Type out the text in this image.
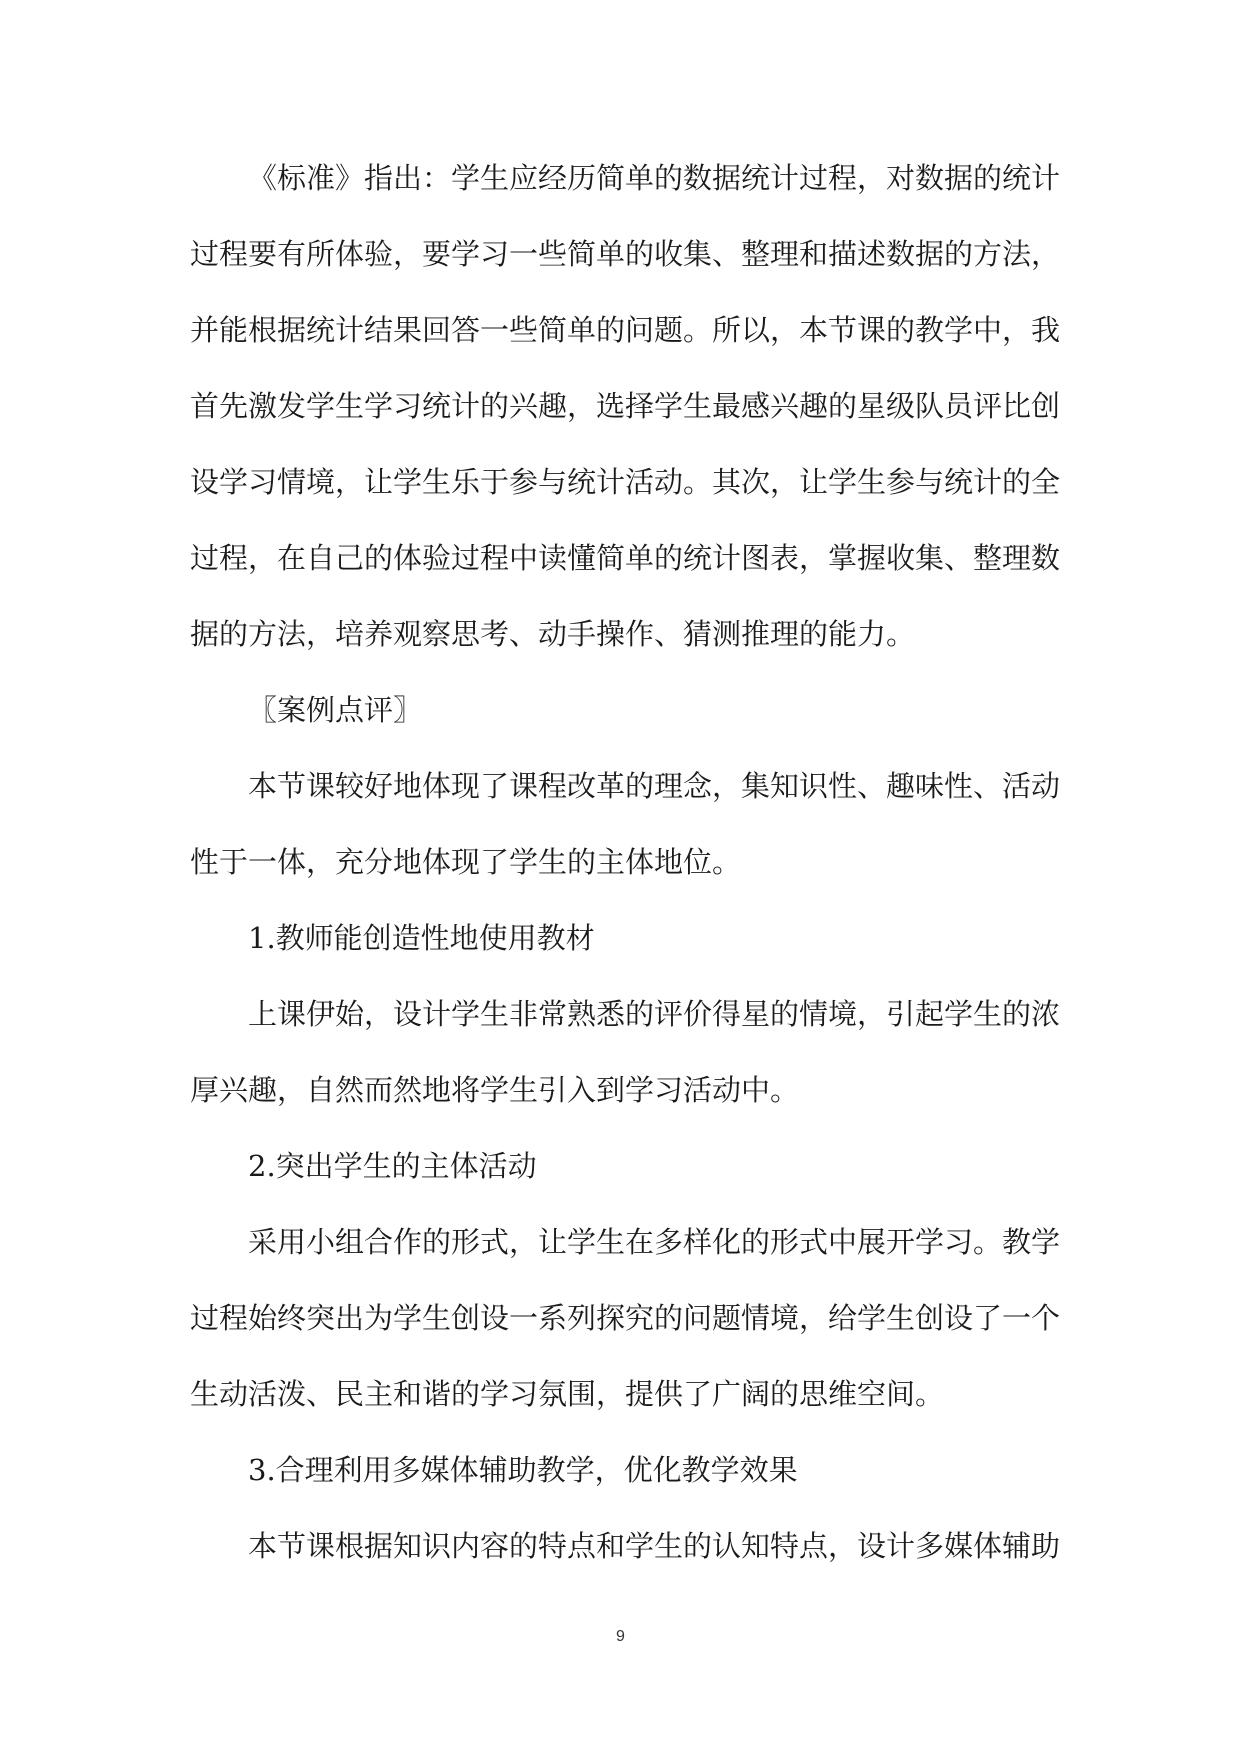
《标准》指出：学生应经历简单的数据统计过程，对数据的统计
过程要有所体验，要学习一些简单的收集、整理和描述数据的方法，
并能根据统计结果回答一些简单的问题。所以，本节课的教学中，我
首先激发学生学习统计的兴趣，选择学生最感兴趣的星级队员评比创
设学习情境，让学生乐于参与统计活动。其次，让学生参与统计的全
过程，在自己的体验过程中读懂简单的统计图表，掌握收集、整理数
据的方法，培养观察思考、动手操作、猜测推理的能力。
〖案例点评〗
本节课较好地体现了课程改革的理念，集知识性、趣味性、活动
性于一体，充分地体现了学生的主体地位。
1.教师能创造性地使用教材
上课伊始，设计学生非常熟悉的评价得星的情境，引起学生的浓
厚兴趣，自然而然地将学生引入到学习活动中。
2.突出学生的主体活动
采用小组合作的形式，让学生在多样化的形式中展开学习。教学
过程始终突出为学生创设一系列探究的问题情境，给学生创设了一个
生动活泼、民主和谐的学习氛围，提供了广阔的思维空间。
3.合理利用多媒体辅助教学，优化教学效果
本节课根据知识内容的特点和学生的认知特点，设计多媒体辅助
9
